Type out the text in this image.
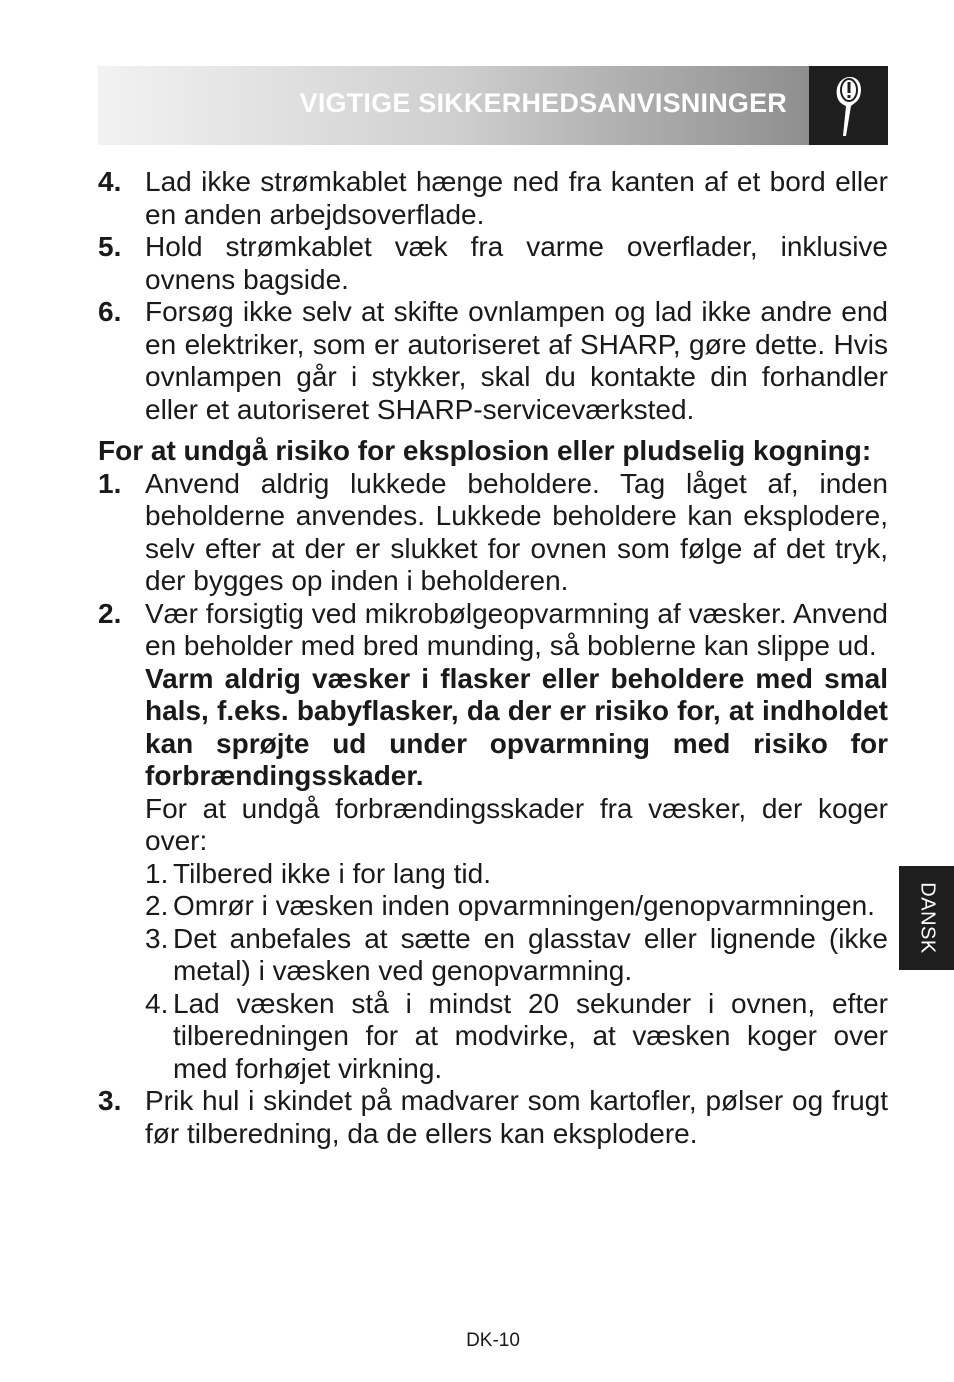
VIGTIGE SIKKERHEDSANVISNINGER
4. Lad ikke strømkablet hænge ned fra kanten af et bord eller en anden arbejdsoverflade.
5. Hold strømkablet væk fra varme overflader, inklusive ovnens bagside.
6. Forsøg ikke selv at skifte ovnlampen og lad ikke andre end en elektriker, som er autoriseret af SHARP, gøre dette. Hvis ovnlampen går i stykker, skal du kontakte din forhandler eller et autoriseret SHARP-serviceværksted.
For at undgå risiko for eksplosion eller pludselig kogning:
1. Anvend aldrig lukkede beholdere. Tag låget af, inden beholderne anvendes. Lukkede beholdere kan eksplodere, selv efter at der er slukket for ovnen som følge af det tryk, der bygges op inden i beholderen.
2. Vær forsigtig ved mikrobølgeopvarmning af væsker. Anvend en beholder med bred munding, så boblerne kan slippe ud.
Varm aldrig væsker i flasker eller beholdere med smal hals, f.eks. babyflasker, da der er risiko for, at indholdet kan sprøjte ud under opvarmning med risiko for forbrændingsskader.
For at undgå forbrændingsskader fra væsker, der koger over:
1. Tilbered ikke i for lang tid.
2. Omrør i væsken inden opvarmningen/genopvarmningen.
3. Det anbefales at sætte en glasstav eller lignende (ikke metal) i væsken ved genopvarmning.
4. Lad væsken stå i mindst 20 sekunder i ovnen, efter tilberedningen for at modvirke, at væsken koger over med forhøjet virkning.
3. Prik hul i skindet på madvarer som kartofler, pølser og frugt før tilberedning, da de ellers kan eksplodere.
DANSK
DK-10
